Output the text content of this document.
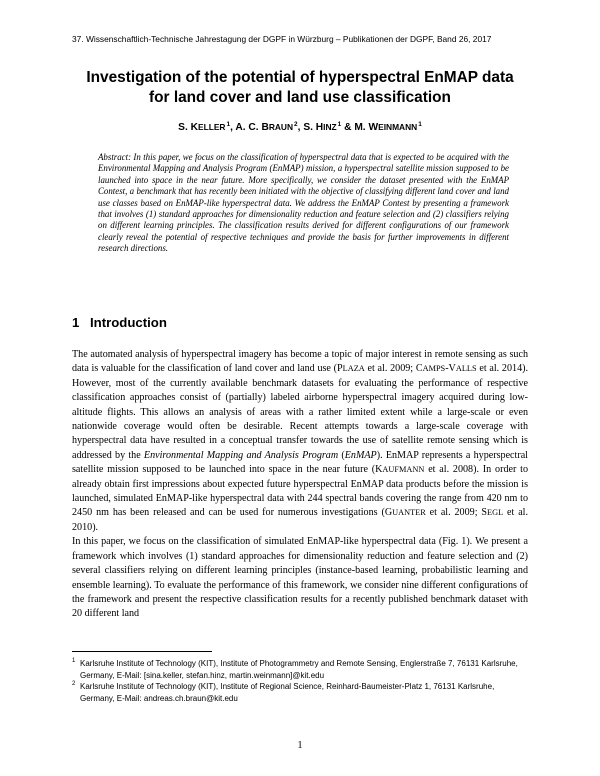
37. Wissenschaftlich-Technische Jahrestagung der DGPF in Würzburg – Publikationen der DGPF, Band 26, 2017
Investigation of the potential of hyperspectral EnMAP data
for land cover and land use classification
S. KELLER$^1$, A. C. BRAUN$^2$, S. HINZ$^1$ & M. WEINMANN$^1$
Abstract: In this paper, we focus on the classification of hyperspectral data that is expected to be acquired with the Environmental Mapping and Analysis Program (EnMAP) mission, a hyperspectral satellite mission supposed to be launched into space in the near future. More specifically, we consider the dataset presented with the EnMAP Contest, a benchmark that has recently been initiated with the objective of classifying different land cover and land use classes based on EnMAP-like hyperspectral data. We address the EnMAP Contest by presenting a framework that involves (1) standard approaches for dimensionality reduction and feature selection and (2) classifiers relying on different learning principles. The classification results derived for different configurations of our framework clearly reveal the potential of respective techniques and provide the basis for further improvements in different research directions.
1 Introduction

The automated analysis of hyperspectral imagery has become a topic of major interest in remote sensing as such data is valuable for the classification of land cover and land use (PLAZA et al. 2009; CAMPS-VALLS et al. 2014). However, most of the currently available benchmark datasets for evaluating the performance of respective classification approaches consist of (partially) labeled airborne hyperspectral imagery acquired during low-altitude flights. This allows an analysis of areas with a rather limited extent while a large-scale or even nationwide coverage would often be desirable. Recent attempts towards a large-scale coverage with hyperspectral data have resulted in a conceptual transfer towards the use of satellite remote sensing which is addressed by the Environmental Mapping and Analysis Program (EnMAP). EnMAP represents a hyperspectral satellite mission supposed to be launched into space in the near future (KAUFMANN et al. 2008). In order to already obtain first impressions about expected future hyperspectral EnMAP data products before the mission is launched, simulated EnMAP-like hyperspectral data with 244 spectral bands covering the range from 420 nm to 2450 nm has been released and can be used for numerous investigations (GUANTER et al. 2009; SEGL et al. 2010).

In this paper, we focus on the classification of simulated EnMAP-like hyperspectral data (Fig. 1). We present a framework which involves (1) standard approaches for dimensionality reduction and feature selection and (2) several classifiers relying on different learning principles (instance-based learning, probabilistic learning and ensemble learning). To evaluate the performance of this framework, we consider nine different configurations of the framework and present the respective classification results for a recently published benchmark dataset with 20 different land

1 Karlsruhe Institute of Technology (KIT), Institute of Photogrammetry and Remote Sensing, Englerstraße 7, 76131 Karlsruhe, Germany, E-Mail: [sina.keller, stefan.hinz, martin.weinmann]@kit.edu
2 Karlsruhe Institute of Technology (KIT), Institute of Regional Science, Reinhard-Baumeister-Platz 1, 76131 Karlsruhe, Germany, E-Mail: andreas.ch.braun@kit.edu
1
